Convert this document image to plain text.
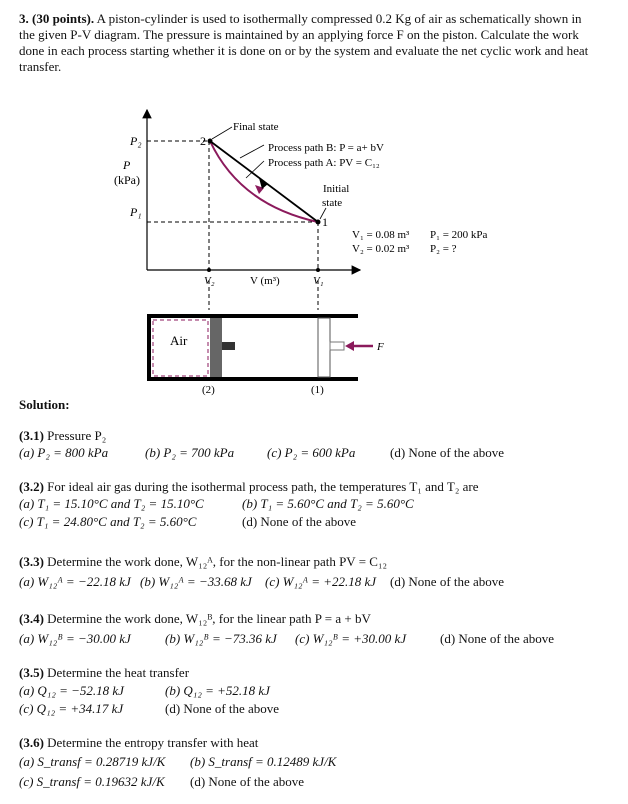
3. (30 points). A piston-cylinder is used to isothermally compressed 0.2 Kg of air as schematically shown in the given P-V diagram. The pressure is maintained by an applying force F on the piston. Calculate the work done in each process starting whether it is done on or by the system and evaluate the net cyclic work and heat transfer.
P₂	2
P
(kPa)
P₁
1
Final state
Process path B: P = a+ bV
Process path A: PV = C₁₂
Initial
state
V₁ = 0.08 m³
V₂ = 0.02 m³
P₁ = 200 kPa
P₂ = ?
V₂	V (m³)	V₁
Air	F
(2)	(1)
Solution:
(3.1) Pressure P₂
(a) P₂ = 800 kPa	(b) P₂ = 700 kPa	(c) P₂ = 600 kPa	(d) None of the above
(3.2) For ideal air gas during the isothermal process path, the temperatures T₁ and T₂ are
(a) T₁ = 15.10°C and T₂ = 15.10°C	(b) T₁ = 5.60°C and T₂ = 5.60°C
(c) T₁ = 24.80°C and T₂ = 5.60°C	(d) None of the above
(3.3) Determine the work done, W₁₂ᴬ, for the non-linear path PV = C₁₂
(a) W₁₂ᴬ = −22.18 kJ (b) W₁₂ᴬ = −33.68 kJ (c) W₁₂ᴬ = +22.18 kJ (d) None of the above
(3.4) Determine the work done, W₁₂ᴮ, for the linear path P = a + bV
(a) W₁₂ᴮ = −30.00 kJ	(b) W₁₂ᴮ = −73.36 kJ (c) W₁₂ᴮ = +30.00 kJ	(d) None of the above
(3.5) Determine the heat transfer
(a) Q₁₂ = −52.18 kJ	(b) Q₁₂ = +52.18 kJ
(c) Q₁₂ = +34.17 kJ	(d) None of the above
(3.6) Determine the entropy transfer with heat
(a) S_transf = 0.28719 kJ/K (b) S_transf = 0.12489 kJ/K
(c) S_transf = 0.19632 kJ/K (d) None of the above
